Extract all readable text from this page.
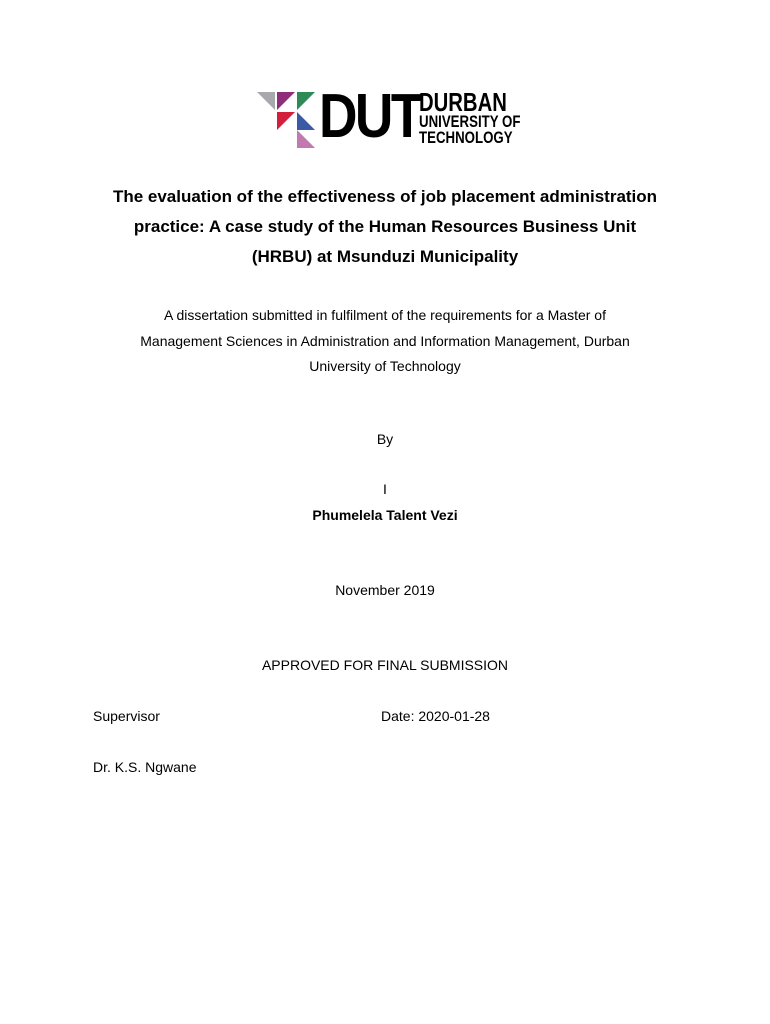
DUT
DURBAN
UNIVERSITY OF
TECHNOLOGY
The evaluation of the effectiveness of job placement administration
practice: A case study of the Human Resources Business Unit
(HRBU) at Msunduzi Municipality
A dissertation submitted in fulfilment of the requirements for a Master of
Management Sciences in Administration and Information Management, Durban
University of Technology
By
I
Phumelela Talent Vezi
November 2019
APPROVED FOR FINAL SUBMISSION
Supervisor	Date: 2020-01-28
Dr. K.S. Ngwane
